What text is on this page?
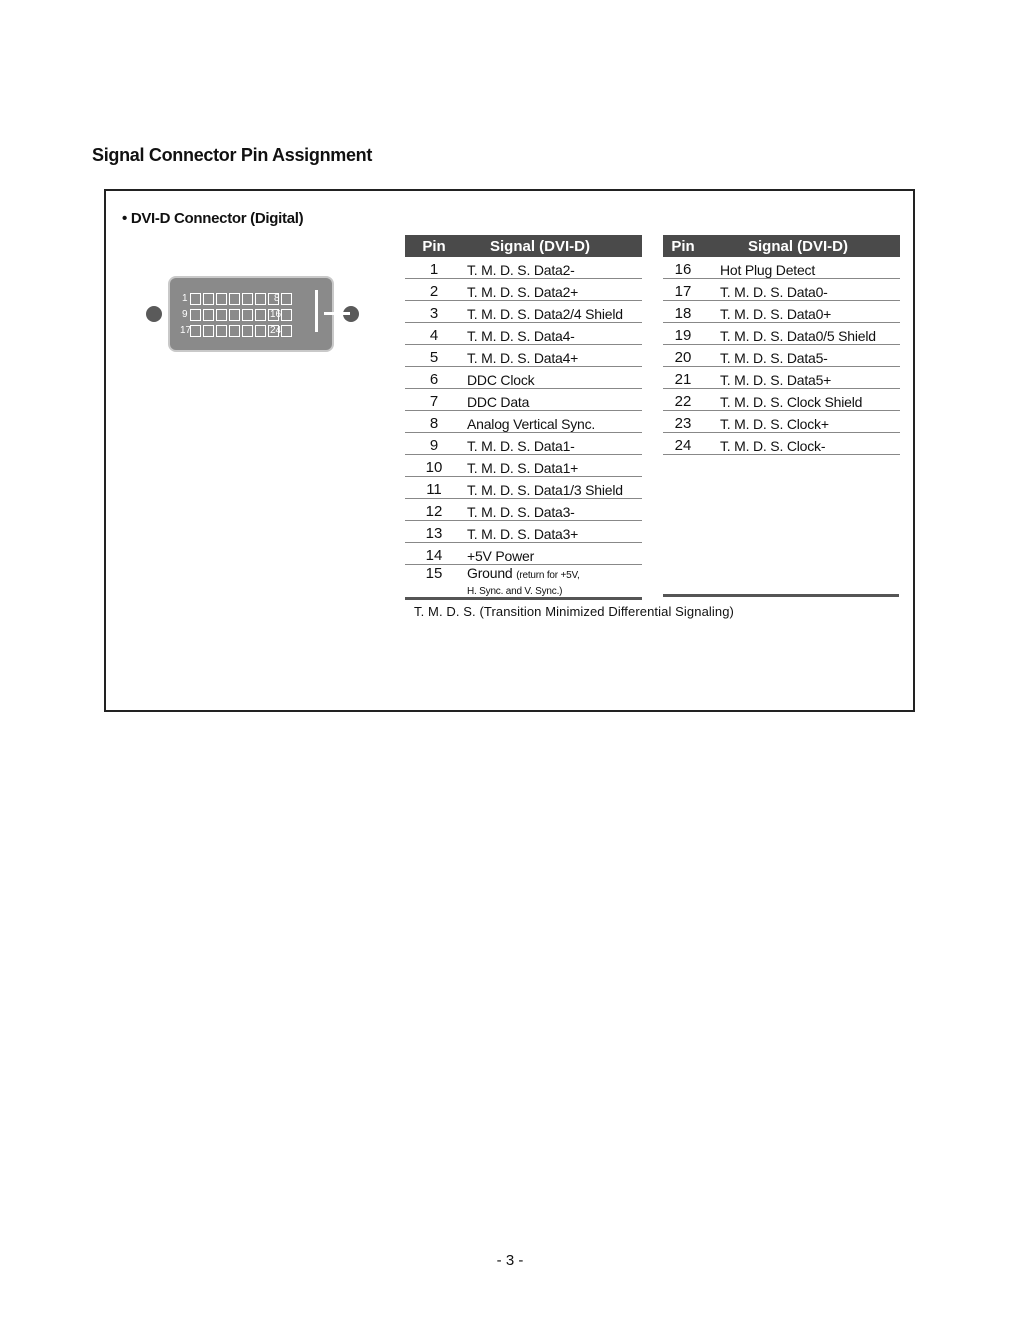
Signal Connector Pin Assignment
• DVI-D Connector (Digital)
1	8
9	16
17	24
Pin	Signal (DVI-D)
1	T. M. D. S. Data2-
2	T. M. D. S. Data2+
3	T. M. D. S. Data2/4 Shield
4	T. M. D. S. Data4-
5	T. M. D. S. Data4+
6	DDC Clock
7	DDC Data
8	Analog Vertical Sync.
9	T. M. D. S. Data1-
10	T. M. D. S. Data1+
11	T. M. D. S. Data1/3 Shield
12	T. M. D. S. Data3-
13	T. M. D. S. Data3+
14	+5V Power
15	Ground (return for +5V,
H. Sync. and V. Sync.)
Pin	Signal (DVI-D)
16	Hot Plug Detect
17	T. M. D. S. Data0-
18	T. M. D. S. Data0+
19	T. M. D. S. Data0/5 Shield
20	T. M. D. S. Data5-
21	T. M. D. S. Data5+
22	T. M. D. S. Clock Shield
23	T. M. D. S. Clock+
24	T. M. D. S. Clock-
T. M. D. S. (Transition Minimized Differential Signaling)
- 3 -
